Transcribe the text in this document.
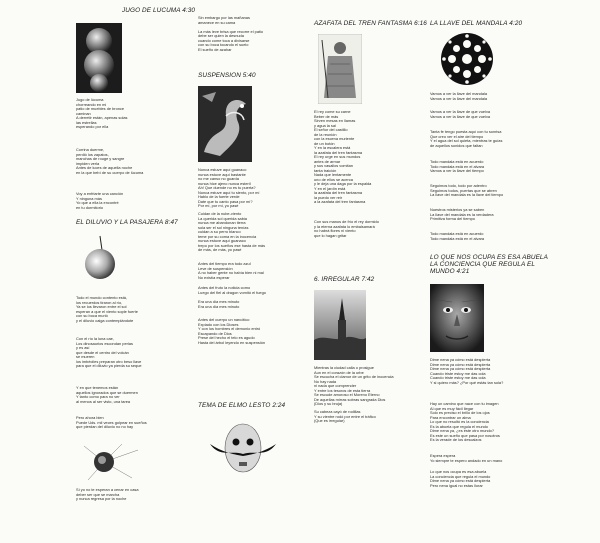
JUGO DE LUCUMA 4:30
Jugo de lúcuma
chorreando en mi
patio de muebles de bronce
caminan
A derretir están, apenas solas
las estrellas
esperando por ella
Corrina duerme,
perdió los zapatos,
manchas de rouge y sangre
impiden verla
Antes de luces de aquella noche
en la que bebí de su cuerpo de lúcuma
Voy a enfriarte una canción
Y ninguna más
Yo que a ella la encontré
en tu dormitorio
EL DILUVIO Y LA PASAJERA 8:47
Todo el mundo contento está,
los recuerdos tiraron al río,
Ya se los llevaron entre el sol
esperan a que el viento sople fuerte
con su boca murió
y el diluvio caiga contemplándote
Con el río la luna cae,
Los dinosaurios escondan perlas
y es así
que desde el centro del volcán
se mueren
los imbéciles preparan otro beso llave
para que el diluvio ya pierda su seque
Y en que tenemos están
aquellos ignorados que se duermen
Y tanto como para no ver
al menos al ser visto, una tarea
Pero ahora bien
Puede Uds. mil veces golpear en sueños
que pierdan del diluvio no no hay
Sí yo no te esperan a cenar en casa
deber ser que se marcha
y nunca regresa por la noche
Sin embargo por las mañanas
amanece en su cama

La más leve brisa que recorre el patio
debe ser quien la desnuda
cuando come toca a divisarse
con su boca tocando el suelo
El sueño de azahar
SUSPENSION 5:40
Nunca estuve aquí guanaco
nunca estuve aquí bastante
no me canso no guarda
nunca hice ajeno nunca esteril
Ah! Que duende no es tu puerta?
Nunca estuve aquí tu siento, por mí
Hablo de la fuerte verde
Date que tu canto pasa por mí?
Por mí, por mí, yo pasé
Cuidan de la nube-viento
La querida sol querida sabia
nunca me abandonan tierra
sola ser el sol ninguna tenías
cuidan a su perro blanco
teme por su coma en la inocencia
nunca estuve aquí guanaco
trepo por los sueños ese hasta de más
de más, de más, yo pasé
Antes del tiempo era todo azul
Leve de suspensión
A no haber gente no había bien ni mal
No existía esperar
Antes del fruto la noticia como
Luego del fiel al dragon vomitó el fuego
Era una día mes minuto
Era una día mes minuto
Antes del cuerpo un narcótico
Expiado con los Dioses
Y con los hombres el demonio entró
Escapando de Dios
Prese del hecho el telo es agudo
Hasta del árbol leyendo en suspensión
TEMA DE ELMO LESTO 2:24
AZAFATA DEL TREN FANTASMA 6:16
El rey come su carne
Beber de más
Sirven mesas en llamas
y agua la sal
El señor del castillo
de la reunión
con la escena muriente
de un botón
Y en la escalera está
la azafata del tren fantasma
El rey urge en sus mundos
antes de armar
y sus vasallos vomitan
tanta traición
Nada que lentamente
uno de ellos se acerca
y le deja una daga por la espalda
Y en el jardín está
la azafata del tren fantasma
la puedo ver reir
a la azafata del tren fantasma
Con sus manos de frío el rey dormido
y la eterna azafata lo embalsamará
no habrá flores ni viento
que lo hagan gritar
6. IRREGULAR 7:42
Mientras la ciudad calla o prosigue
Aun en el corazón de la urbe
Se escucha el clamor de un grito de inocencia
No hay nada
ni nada que comprender
Y entre los tesoros de esta tierra
Se escude amoroso el Moreno Eterno
De aquellas mirras sobras sangrada Dios
(Dios y su bruja)
Su cabeza cayó de rodillas
Y su vientre rodó por entre el tráfico
(Que es irregular)
LA LLAVE DEL MANDALA 4:20
Vamos a ver la llave del mandala
Vamos a ver la llave del mandala
Vamos a ver la llave de que vuelva
Vamos a ver la llave de que vuelva
Tanta fe tengo puesta aquí con tu sonrisa
Que creo ver el aire del tiempo
Y el agua del sol quieta, mientras te guías
de aquellos sonidos que faltan
Todo mandala está en acuerdo
Todo mandala está en el alvara
Vamos a ver la llave del tiempo
Seguimos todo, todo por adentro
Seguimos todos, puertas que se abren
La llave del mandala es la llave del tiempo
Nuestros misterios ya se saben
La llave del mandala es la verdadera
Primitiva forma del tiempo
Todo mandala está en acuerdo
Todo mandala está en el alvara
LO QUE NOS OCUPA ES ESA ABUELA LA CONCIENCIA QUE REGULA EL MUNDO 4:21
Dime nena ya cómo está despierta
Dime nena ya cómo está despierta
Dime nena ya cómo está despierta
Cuando triste estoy me das cola
Cuando triste estoy me das cola
Y si quiero más? ¿Por qué estás tan sola?
Hay un camino que nace con tu imagen
Al que es muy fácil llegar
Solo es preciso el brillo de los ojos
Para encontrar un alma
Lo que no resultó es la conciencia
Es la abuela que regula el mundo
Dime nena ya, ¿es éste otro mundo?
Es este un sueño que pasa por nosotros
Es la verade de los descalzos
Espera espera
Yo siempre te espero andado en un mano
Lo que nos ocupa es esa abuela
La conciencia que regula el mundo
Dime nena ya cómo está despierta
Pero nena igual no estas llorar
